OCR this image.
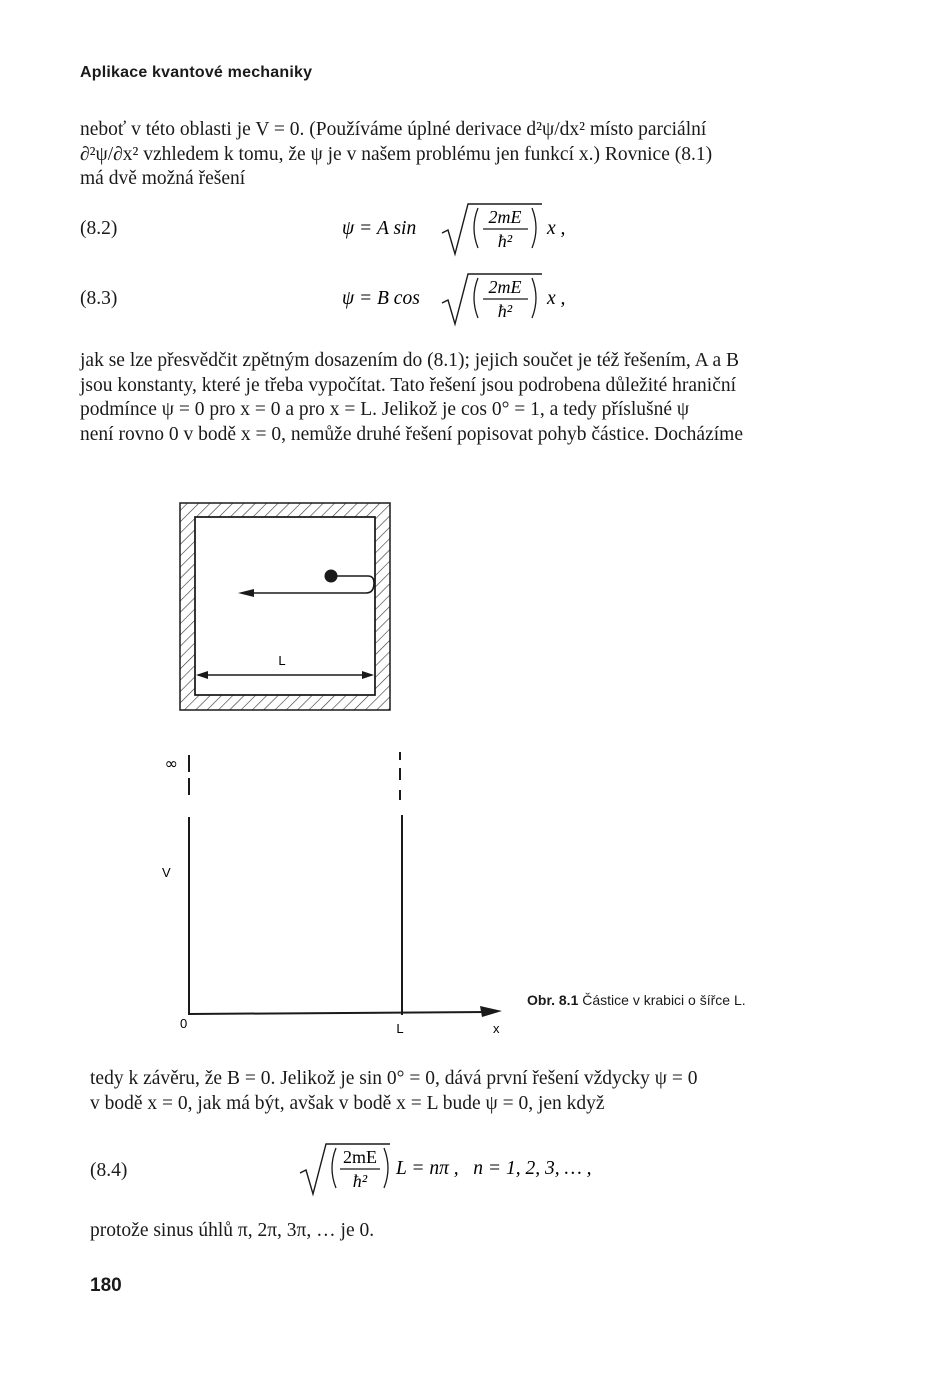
Aplikace kvantové mechaniky
neboť v této oblasti je V = 0. (Používáme úplné derivace d²ψ/dx² místo parciální
∂²ψ/∂x² vzhledem k tomu, že ψ je v našem problému jen funkcí x.) Rovnice (8.1)
má dvě možná řešení
(8.2)	ψ = A sin
2mE
ħ²
x ,
(8.3)	ψ = B cos
2mE
ħ²
x ,
jak se lze přesvědčit zpětným dosazením do (8.1); jejich součet je též řešením, A a B
jsou konstanty, které je třeba vypočítat. Tato řešení jsou podrobena důležité hraniční
podmínce ψ = 0 pro x = 0 a pro x = L. Jelikož je cos 0° = 1, a tedy příslušné ψ
není rovno 0 v bodě x = 0, nemůže druhé řešení popisovat pohyb částice. Docházíme
L
∞
V
0	L	x
Obr. 8.1 Částice v krabici o šířce L.
tedy k závěru, že B = 0. Jelikož je sin 0° = 0, dává první řešení vždycky ψ = 0
v bodě x = 0, jak má být, avšak v bodě x = L bude ψ = 0, jen když
(8.4)
2mE
ħ²
L = nπ ,   n = 1, 2, 3, … ,
protože sinus úhlů π, 2π, 3π, … je 0.
180
